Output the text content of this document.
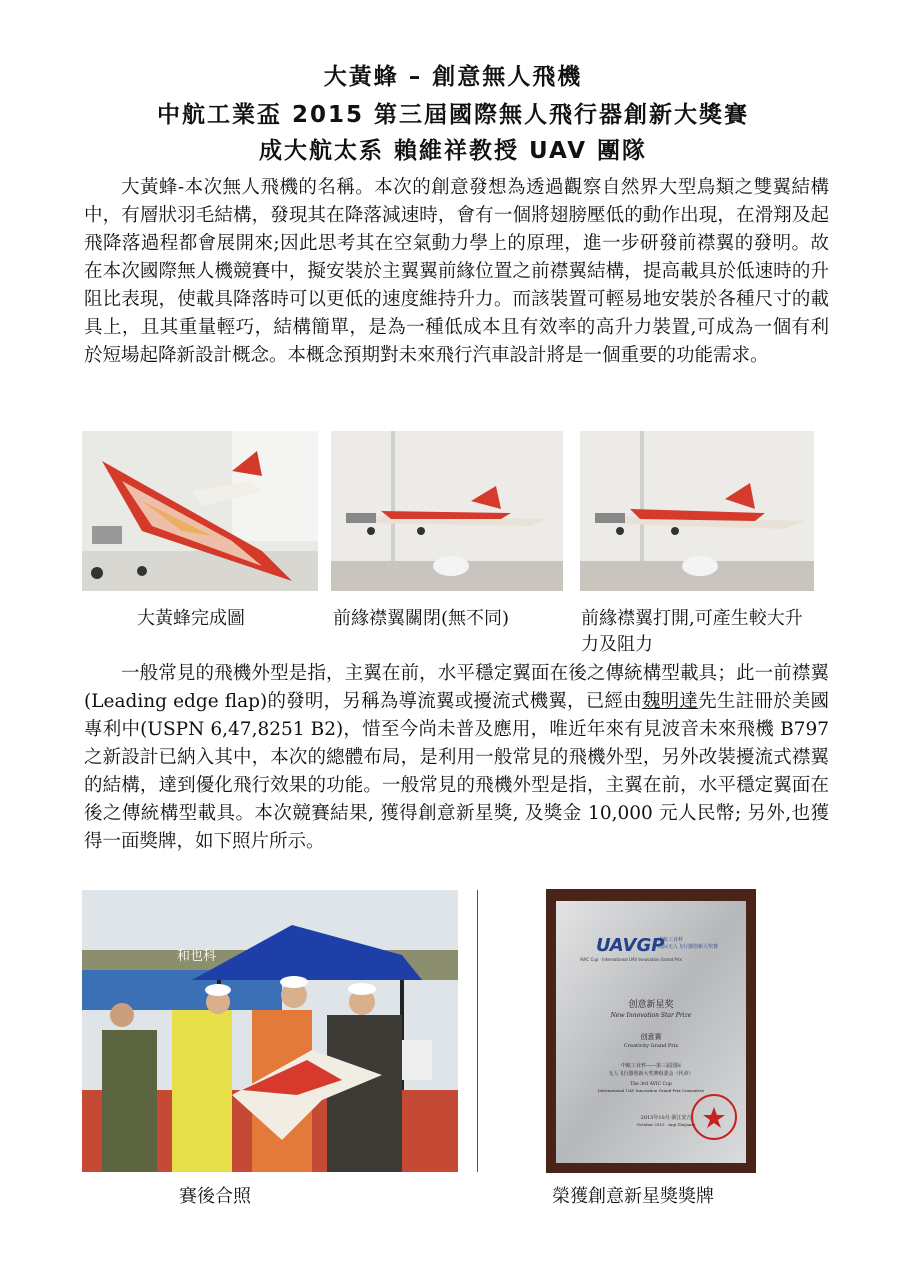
大黃蜂 – 創意無人飛機
中航工業盃 2015 第三屆國際無人飛行器創新大獎賽
成大航太系 賴維祥教授 UAV 團隊

大黃蜂-本次無人飛機的名稱。本次的創意發想為透過觀察自然界大型鳥類之雙翼結構中，有層狀羽毛結構，發現其在降落減速時，會有一個將翅膀壓低的動作出現，在滑翔及起飛降落過程都會展開來;因此思考其在空氣動力學上的原理，進一步研發前襟翼的發明。故在本次國際無人機競賽中，擬安裝於主翼翼前緣位置之前襟翼結構，提高載具於低速時的升阻比表現，使載具降落時可以更低的速度維持升力。而該裝置可輕易地安裝於各種尺寸的載具上，且其重量輕巧，結構簡單，是為一種低成本且有效率的高升力裝置,可成為一個有利於短場起降新設計概念。本概念預期對未來飛行汽車設計將是一個重要的功能需求。

大黃蜂完成圖	前緣襟翼關閉(無不同)	前緣襟翼打開,可產生較大升力及阻力

一般常見的飛機外型是指，主翼在前，水平穩定翼面在後之傳統構型載具；此一前襟翼(Leading edge flap)的發明，另稱為導流翼或擾流式機翼，已經由魏明達先生註冊於美國專利中(USPN 6,47,8251 B2)，惜至今尚未普及應用，唯近年來有見波音未來飛機 B797 之新設計已納入其中，本次的總體布局，是利用一般常見的飛機外型，另外改裝擾流式襟翼的結構，達到優化飛行效果的功能。一般常見的飛機外型是指，主翼在前，水平穩定翼面在後之傳統構型載具。本次競賽結果, 獲得創意新星獎, 及獎金 10,000 元人民幣; 另外,也獲得一面獎牌，如下照片所示。

和也科
UAVGP
中航工业杯
国际无人飞行器创新大奖赛
AVIC Cup · International UAV Innovation Grand Prix
创意新星奖
New Innovation Star Prize
创意赛
Creativity Grand Prix
中航工业杯——第三届国际
无人飞行器创新大奖赛组委会（代章）
The 3rd AVIC Cup
International UAV Innovation Grand Prix Committee
2015年10月·浙江安吉
October 2015 · Anji Zhejiang
賽後合照	榮獲創意新星獎獎牌
